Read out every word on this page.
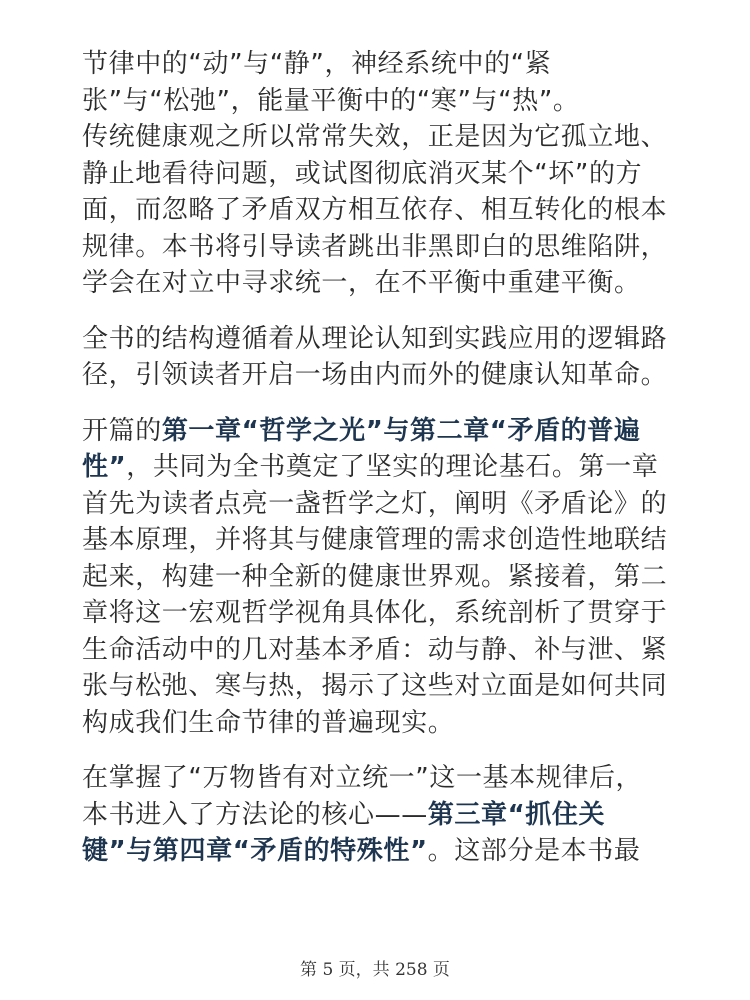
节律中的“动”与“静”，神经系统中的“紧
张”与“松弛”，能量平衡中的“寒”与“热”。
传统健康观之所以常常失效，正是因为它孤立地、
静止地看待问题，或试图彻底消灭某个“坏”的方
面，而忽略了矛盾双方相互依存、相互转化的根本
规律。本书将引导读者跳出非黑即白的思维陷阱，
学会在对立中寻求统一，在不平衡中重建平衡。
全书的结构遵循着从理论认知到实践应用的逻辑路
径，引领读者开启一场由内而外的健康认知革命。
开篇的第一章“哲学之光”与第二章“矛盾的普遍
性”，共同为全书奠定了坚实的理论基石。第一章
首先为读者点亮一盏哲学之灯，阐明《矛盾论》的
基本原理，并将其与健康管理的需求创造性地联结
起来，构建一种全新的健康世界观。紧接着，第二
章将这一宏观哲学视角具体化，系统剖析了贯穿于
生命活动中的几对基本矛盾：动与静、补与泄、紧
张与松弛、寒与热，揭示了这些对立面是如何共同
构成我们生命节律的普遍现实。
在掌握了“万物皆有对立统一”这一基本规律后，
本书进入了方法论的核心——第三章“抓住关
键”与第四章“矛盾的特殊性”。这部分是本书最
第 5 页，共 258 页
